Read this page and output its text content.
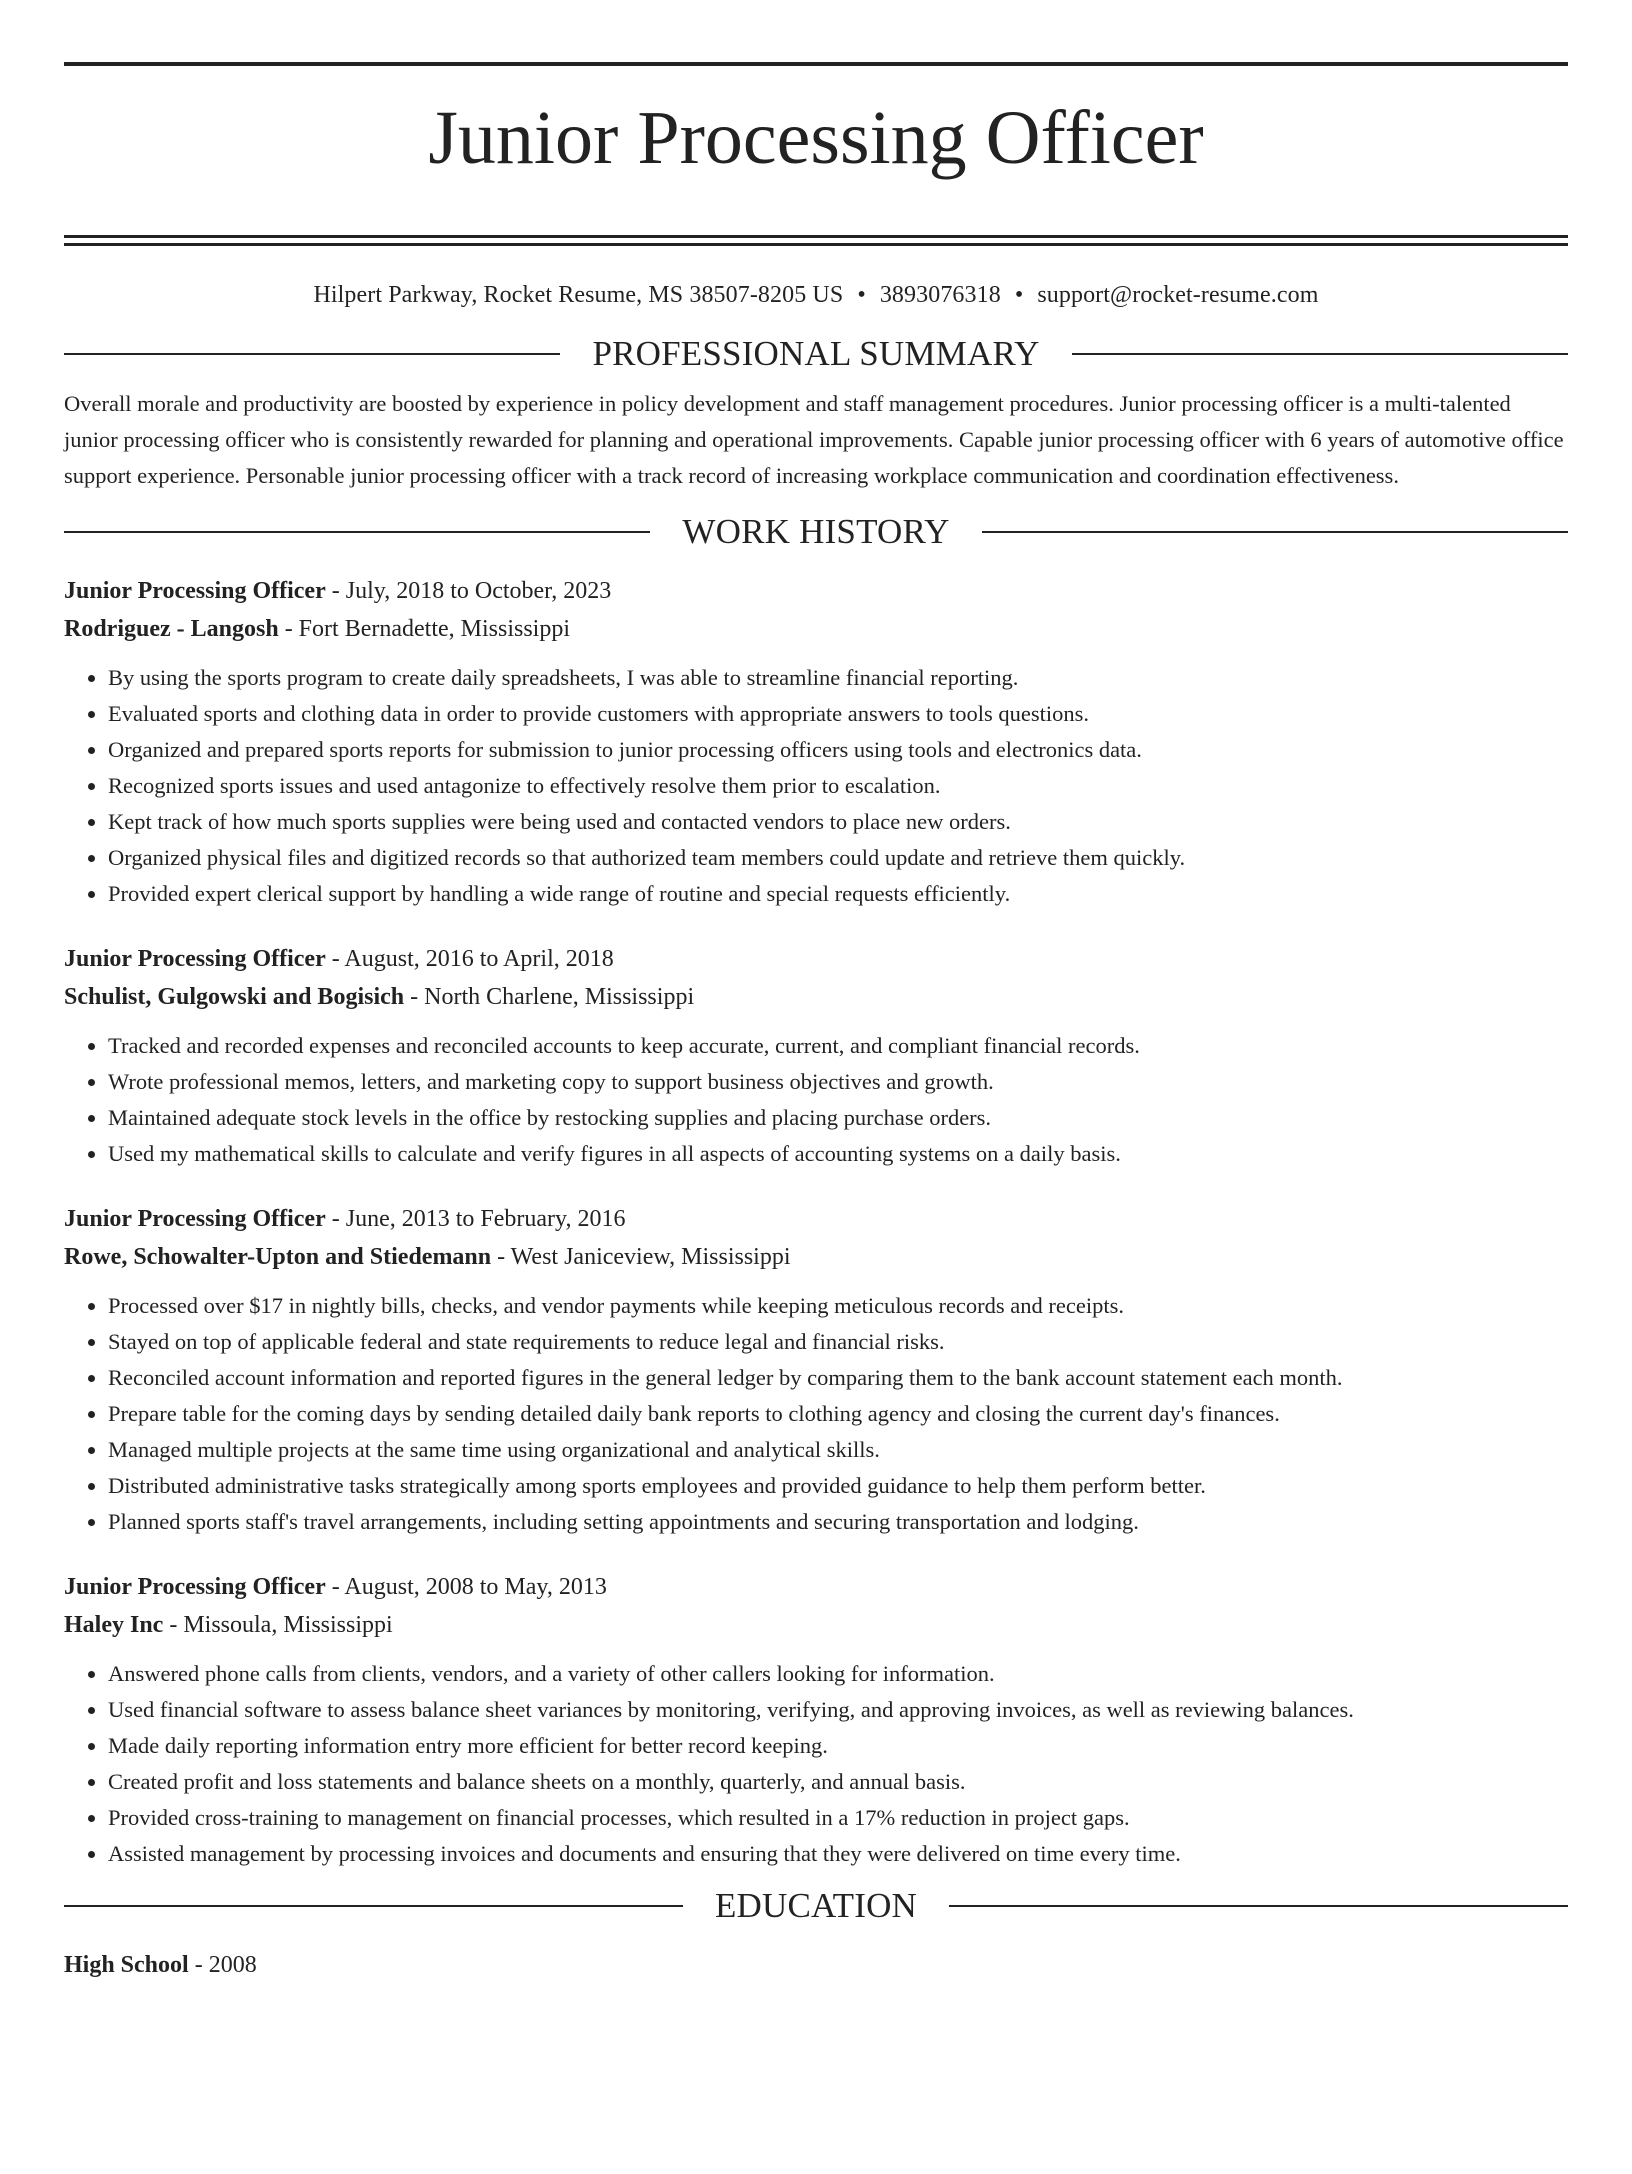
Junior Processing Officer
Hilpert Parkway, Rocket Resume, MS 38507-8205 US • 3893076318 • support@rocket-resume.com
PROFESSIONAL SUMMARY
Overall morale and productivity are boosted by experience in policy development and staff management procedures. Junior processing officer is a multi-talented junior processing officer who is consistently rewarded for planning and operational improvements. Capable junior processing officer with 6 years of automotive office support experience. Personable junior processing officer with a track record of increasing workplace communication and coordination effectiveness.
WORK HISTORY
Junior Processing Officer - July, 2018 to October, 2023
Rodriguez - Langosh - Fort Bernadette, Mississippi
• By using the sports program to create daily spreadsheets, I was able to streamline financial reporting.
• Evaluated sports and clothing data in order to provide customers with appropriate answers to tools questions.
• Organized and prepared sports reports for submission to junior processing officers using tools and electronics data.
• Recognized sports issues and used antagonize to effectively resolve them prior to escalation.
• Kept track of how much sports supplies were being used and contacted vendors to place new orders.
• Organized physical files and digitized records so that authorized team members could update and retrieve them quickly.
• Provided expert clerical support by handling a wide range of routine and special requests efficiently.
Junior Processing Officer - August, 2016 to April, 2018
Schulist, Gulgowski and Bogisich - North Charlene, Mississippi
• Tracked and recorded expenses and reconciled accounts to keep accurate, current, and compliant financial records.
• Wrote professional memos, letters, and marketing copy to support business objectives and growth.
• Maintained adequate stock levels in the office by restocking supplies and placing purchase orders.
• Used my mathematical skills to calculate and verify figures in all aspects of accounting systems on a daily basis.
Junior Processing Officer - June, 2013 to February, 2016
Rowe, Schowalter-Upton and Stiedemann - West Janiceview, Mississippi
• Processed over $17 in nightly bills, checks, and vendor payments while keeping meticulous records and receipts.
• Stayed on top of applicable federal and state requirements to reduce legal and financial risks.
• Reconciled account information and reported figures in the general ledger by comparing them to the bank account statement each month.
• Prepare table for the coming days by sending detailed daily bank reports to clothing agency and closing the current day's finances.
• Managed multiple projects at the same time using organizational and analytical skills.
• Distributed administrative tasks strategically among sports employees and provided guidance to help them perform better.
• Planned sports staff's travel arrangements, including setting appointments and securing transportation and lodging.
Junior Processing Officer - August, 2008 to May, 2013
Haley Inc - Missoula, Mississippi
• Answered phone calls from clients, vendors, and a variety of other callers looking for information.
• Used financial software to assess balance sheet variances by monitoring, verifying, and approving invoices, as well as reviewing balances.
• Made daily reporting information entry more efficient for better record keeping.
• Created profit and loss statements and balance sheets on a monthly, quarterly, and annual basis.
• Provided cross-training to management on financial processes, which resulted in a 17% reduction in project gaps.
• Assisted management by processing invoices and documents and ensuring that they were delivered on time every time.
EDUCATION
High School - 2008
